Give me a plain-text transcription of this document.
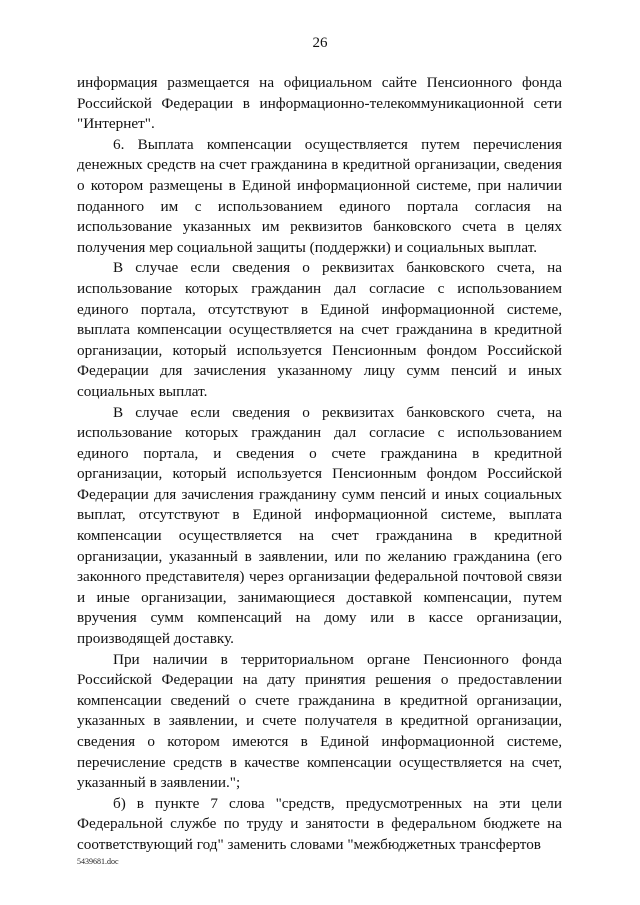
26

информация размещается на официальном сайте Пенсионного фонда Российской Федерации в информационно-телекоммуникационной сети "Интернет".

6. Выплата компенсации осуществляется путем перечисления денежных средств на счет гражданина в кредитной организации, сведения о котором размещены в Единой информационной системе, при наличии поданного им с использованием единого портала согласия на использование указанных им реквизитов банковского счета в целях получения мер социальной защиты (поддержки) и социальных выплат.

В случае если сведения о реквизитах банковского счета, на использование которых гражданин дал согласие с использованием единого портала, отсутствуют в Единой информационной системе, выплата компенсации осуществляется на счет гражданина в кредитной организации, который используется Пенсионным фондом Российской Федерации для зачисления указанному лицу сумм пенсий и иных социальных выплат.

В случае если сведения о реквизитах банковского счета, на использование которых гражданин дал согласие с использованием единого портала, и сведения о счете гражданина в кредитной организации, который используется Пенсионным фондом Российской Федерации для зачисления гражданину сумм пенсий и иных социальных выплат, отсутствуют в Единой информационной системе, выплата компенсации осуществляется на счет гражданина в кредитной организации, указанный в заявлении, или по желанию гражданина (его законного представителя) через организации федеральной почтовой связи и иные организации, занимающиеся доставкой компенсации, путем вручения сумм компенсаций на дому или в кассе организации, производящей доставку.

При наличии в территориальном органе Пенсионного фонда Российской Федерации на дату принятия решения о предоставлении компенсации сведений о счете гражданина в кредитной организации, указанных в заявлении, и счете получателя в кредитной организации, сведения о котором имеются в Единой информационной системе, перечисление средств в качестве компенсации осуществляется на счет, указанный в заявлении.";

б) в пункте 7 слова "средств, предусмотренных на эти цели Федеральной службе по труду и занятости в федеральном бюджете на соответствующий год" заменить словами "межбюджетных трансфертов

5439681.doc
